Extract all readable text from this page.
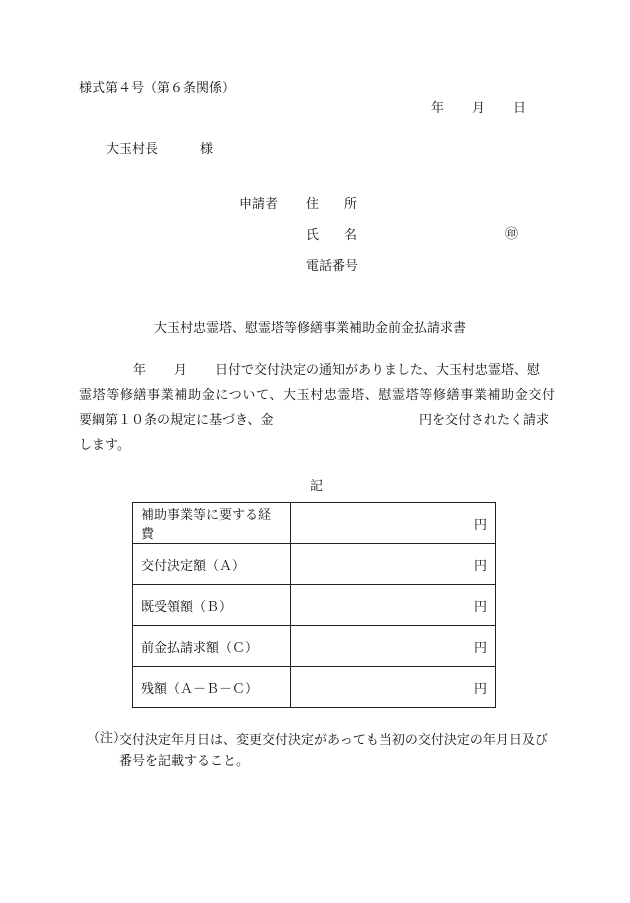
様式第４号（第６条関係）
年 月 日
大玉村長	様
申請者 住 所
氏 名	㊞
電話番号
大玉村忠霊塔、慰霊塔等修繕事業補助金前金払請求書
年 月 日付で交付決定の通知がありました、大玉村忠霊塔、慰
霊塔等修繕事業補助金について、大玉村忠霊塔、慰霊塔等修繕事業補助金交付
要綱第１０条の規定に基づき、金	円を交付されたく請求
します。
記
補助事業等に要する経費	円
交付決定額（Ａ）	円
既受領額（Ｂ）	円
前金払請求額（Ｃ）	円
残額（Ａ－Ｂ－Ｃ）	円
（注）
交付決定年月日は、変更交付決定があっても当初の交付決定の年月日及び
番号を記載すること。
